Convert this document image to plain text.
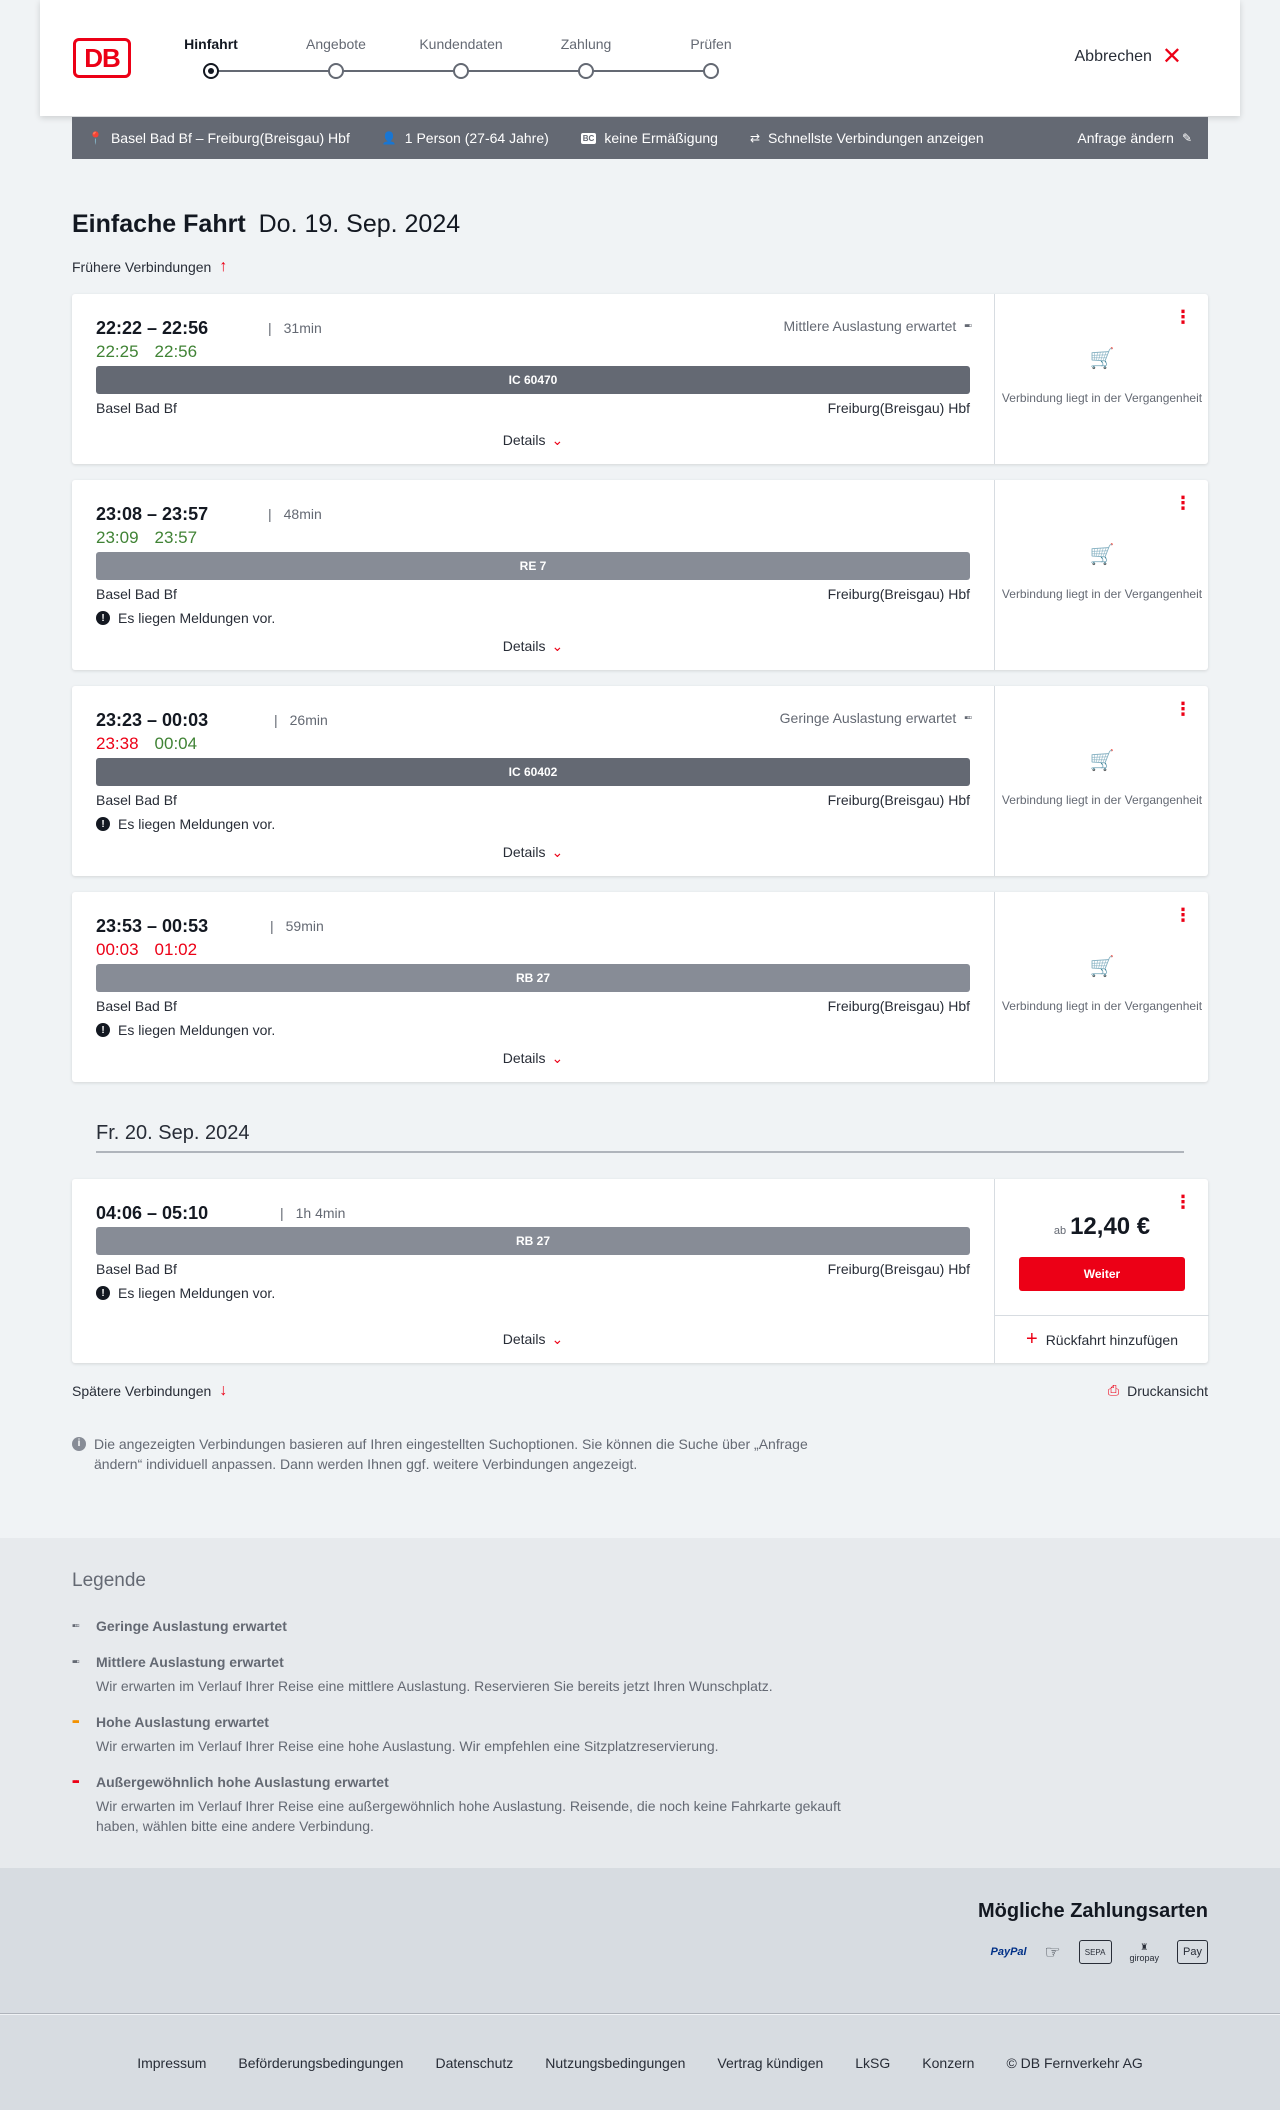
DB	Hinfahrt	Angebote	Kundendaten	Zahlung	Prüfen
Abbrechen ✕
📍 Basel Bad Bf – Freiburg(Breisgau) Hbf	👤 1 Person (27-64 Jahre)	BC keine Ermäßigung	⇄ Schnellste Verbindungen anzeigen	Anfrage ändern ✎
Einfache Fahrt Do. 19. Sep. 2024
Frühere Verbindungen ↑
22:22 – 22:56	| 31min	Mittlere Auslastung erwartet ▪▪▫
22:25 22:56
IC 60470
Basel Bad Bf	Freiburg(Breisgau) Hbf
Details ⌄
⋮
🛒
Verbindung liegt in der Vergangenheit
23:08 – 23:57	| 48min
23:09 23:57
RE 7
Basel Bad Bf	Freiburg(Breisgau) Hbf
! Es liegen Meldungen vor.
Details ⌄
⋮
🛒
Verbindung liegt in der Vergangenheit
23:23 – 00:03	| 26min	Geringe Auslastung erwartet ▪▫▫
23:38 00:04
IC 60402
Basel Bad Bf	Freiburg(Breisgau) Hbf
! Es liegen Meldungen vor.
Details ⌄
⋮
🛒
Verbindung liegt in der Vergangenheit
23:53 – 00:53	| 59min
00:03 01:02
RB 27
Basel Bad Bf	Freiburg(Breisgau) Hbf
! Es liegen Meldungen vor.
Details ⌄
⋮
🛒
Verbindung liegt in der Vergangenheit
Fr. 20. Sep. 2024
04:06 – 05:10	| 1h 4min
RB 27
Basel Bad Bf	Freiburg(Breisgau) Hbf
! Es liegen Meldungen vor.
Details ⌄
⋮
ab 12,40 €
Weiter
+ Rückfahrt hinzufügen
Spätere Verbindungen ↓	⎙ Druckansicht
i Die angezeigten Verbindungen basieren auf Ihren eingestellten Suchoptionen. Sie können die Suche über „Anfrage ändern“ individuell anpassen. Dann werden Ihnen ggf. weitere Verbindungen angezeigt.
Legende
▪▫▫	Geringe Auslastung erwartet
▪▪▫	Mittlere Auslastung erwartet
Wir erwarten im Verlauf Ihrer Reise eine mittlere Auslastung. Reservieren Sie bereits jetzt Ihren Wunschplatz.
▪▪▪	Hohe Auslastung erwartet
Wir erwarten im Verlauf Ihrer Reise eine hohe Auslastung. Wir empfehlen eine Sitzplatzreservierung.
▪▪▪	Außergewöhnlich hohe Auslastung erwartet
Wir erwarten im Verlauf Ihrer Reise eine außergewöhnlich hohe Auslastung. Reisende, die noch keine Fahrkarte gekauft haben, wählen bitte eine andere Verbindung.
Mögliche Zahlungsarten
PayPal ☞	SEPA
♜
giropay Pay
Impressum Beförderungsbedingungen Datenschutz Nutzungsbedingungen Vertrag kündigen LkSG Konzern © DB Fernverkehr AG
